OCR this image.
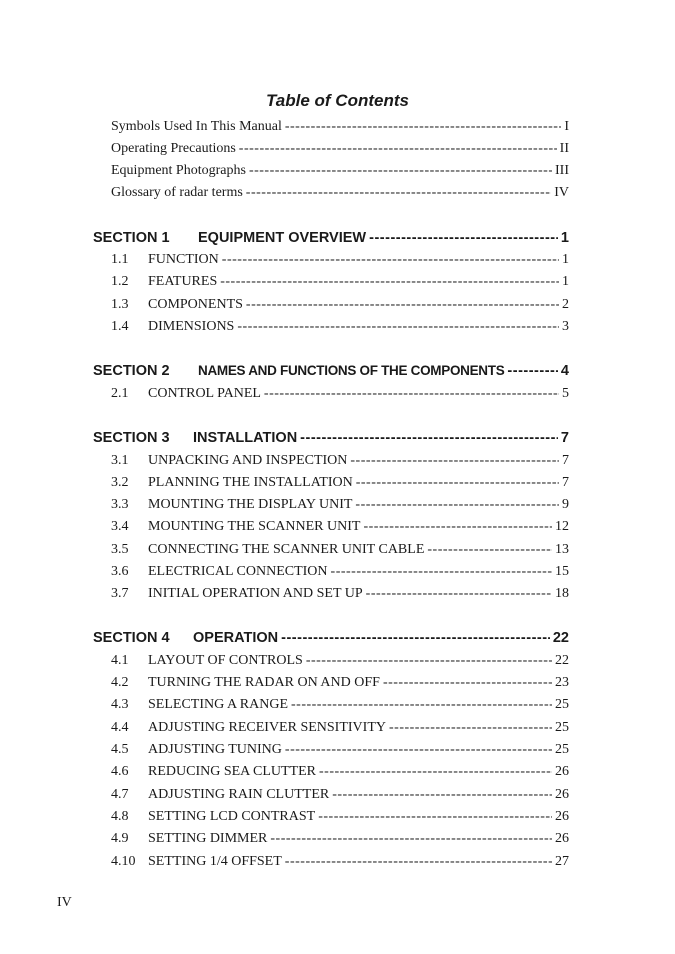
Table of Contents
Symbols Used In This Manual -----	I
Operating Precautions -----	II
Equipment Photographs -----	III
Glossary of radar terms -----	IV
SECTION 1	EQUIPMENT OVERVIEW -----	1
1.1	FUNCTION -----	1
1.2	FEATURES -----	1
1.3	COMPONENTS -----	2
1.4	DIMENSIONS -----	3
SECTION 2	NAMES AND FUNCTIONS OF THE COMPONENTS -----	4
2.1	CONTROL PANEL -----	5
SECTION 3	INSTALLATION -----	7
3.1	UNPACKING AND INSPECTION -----	7
3.2	PLANNING THE INSTALLATION -----	7
3.3	MOUNTING THE DISPLAY UNIT -----	9
3.4	MOUNTING THE SCANNER UNIT -----	12
3.5	CONNECTING THE SCANNER UNIT CABLE -----	13
3.6	ELECTRICAL CONNECTION -----	15
3.7	INITIAL OPERATION AND SET UP -----	18
SECTION 4	OPERATION -----	22
4.1	LAYOUT OF CONTROLS -----	22
4.2	TURNING THE RADAR ON AND OFF -----	23
4.3	SELECTING A RANGE -----	25
4.4	ADJUSTING RECEIVER SENSITIVITY -----	25
4.5	ADJUSTING TUNING -----	25
4.6	REDUCING SEA CLUTTER -----	26
4.7	ADJUSTING RAIN CLUTTER -----	26
4.8	SETTING LCD CONTRAST -----	26
4.9	SETTING DIMMER -----	26
4.10 SETTING 1/4 OFFSET -----	27
IV
